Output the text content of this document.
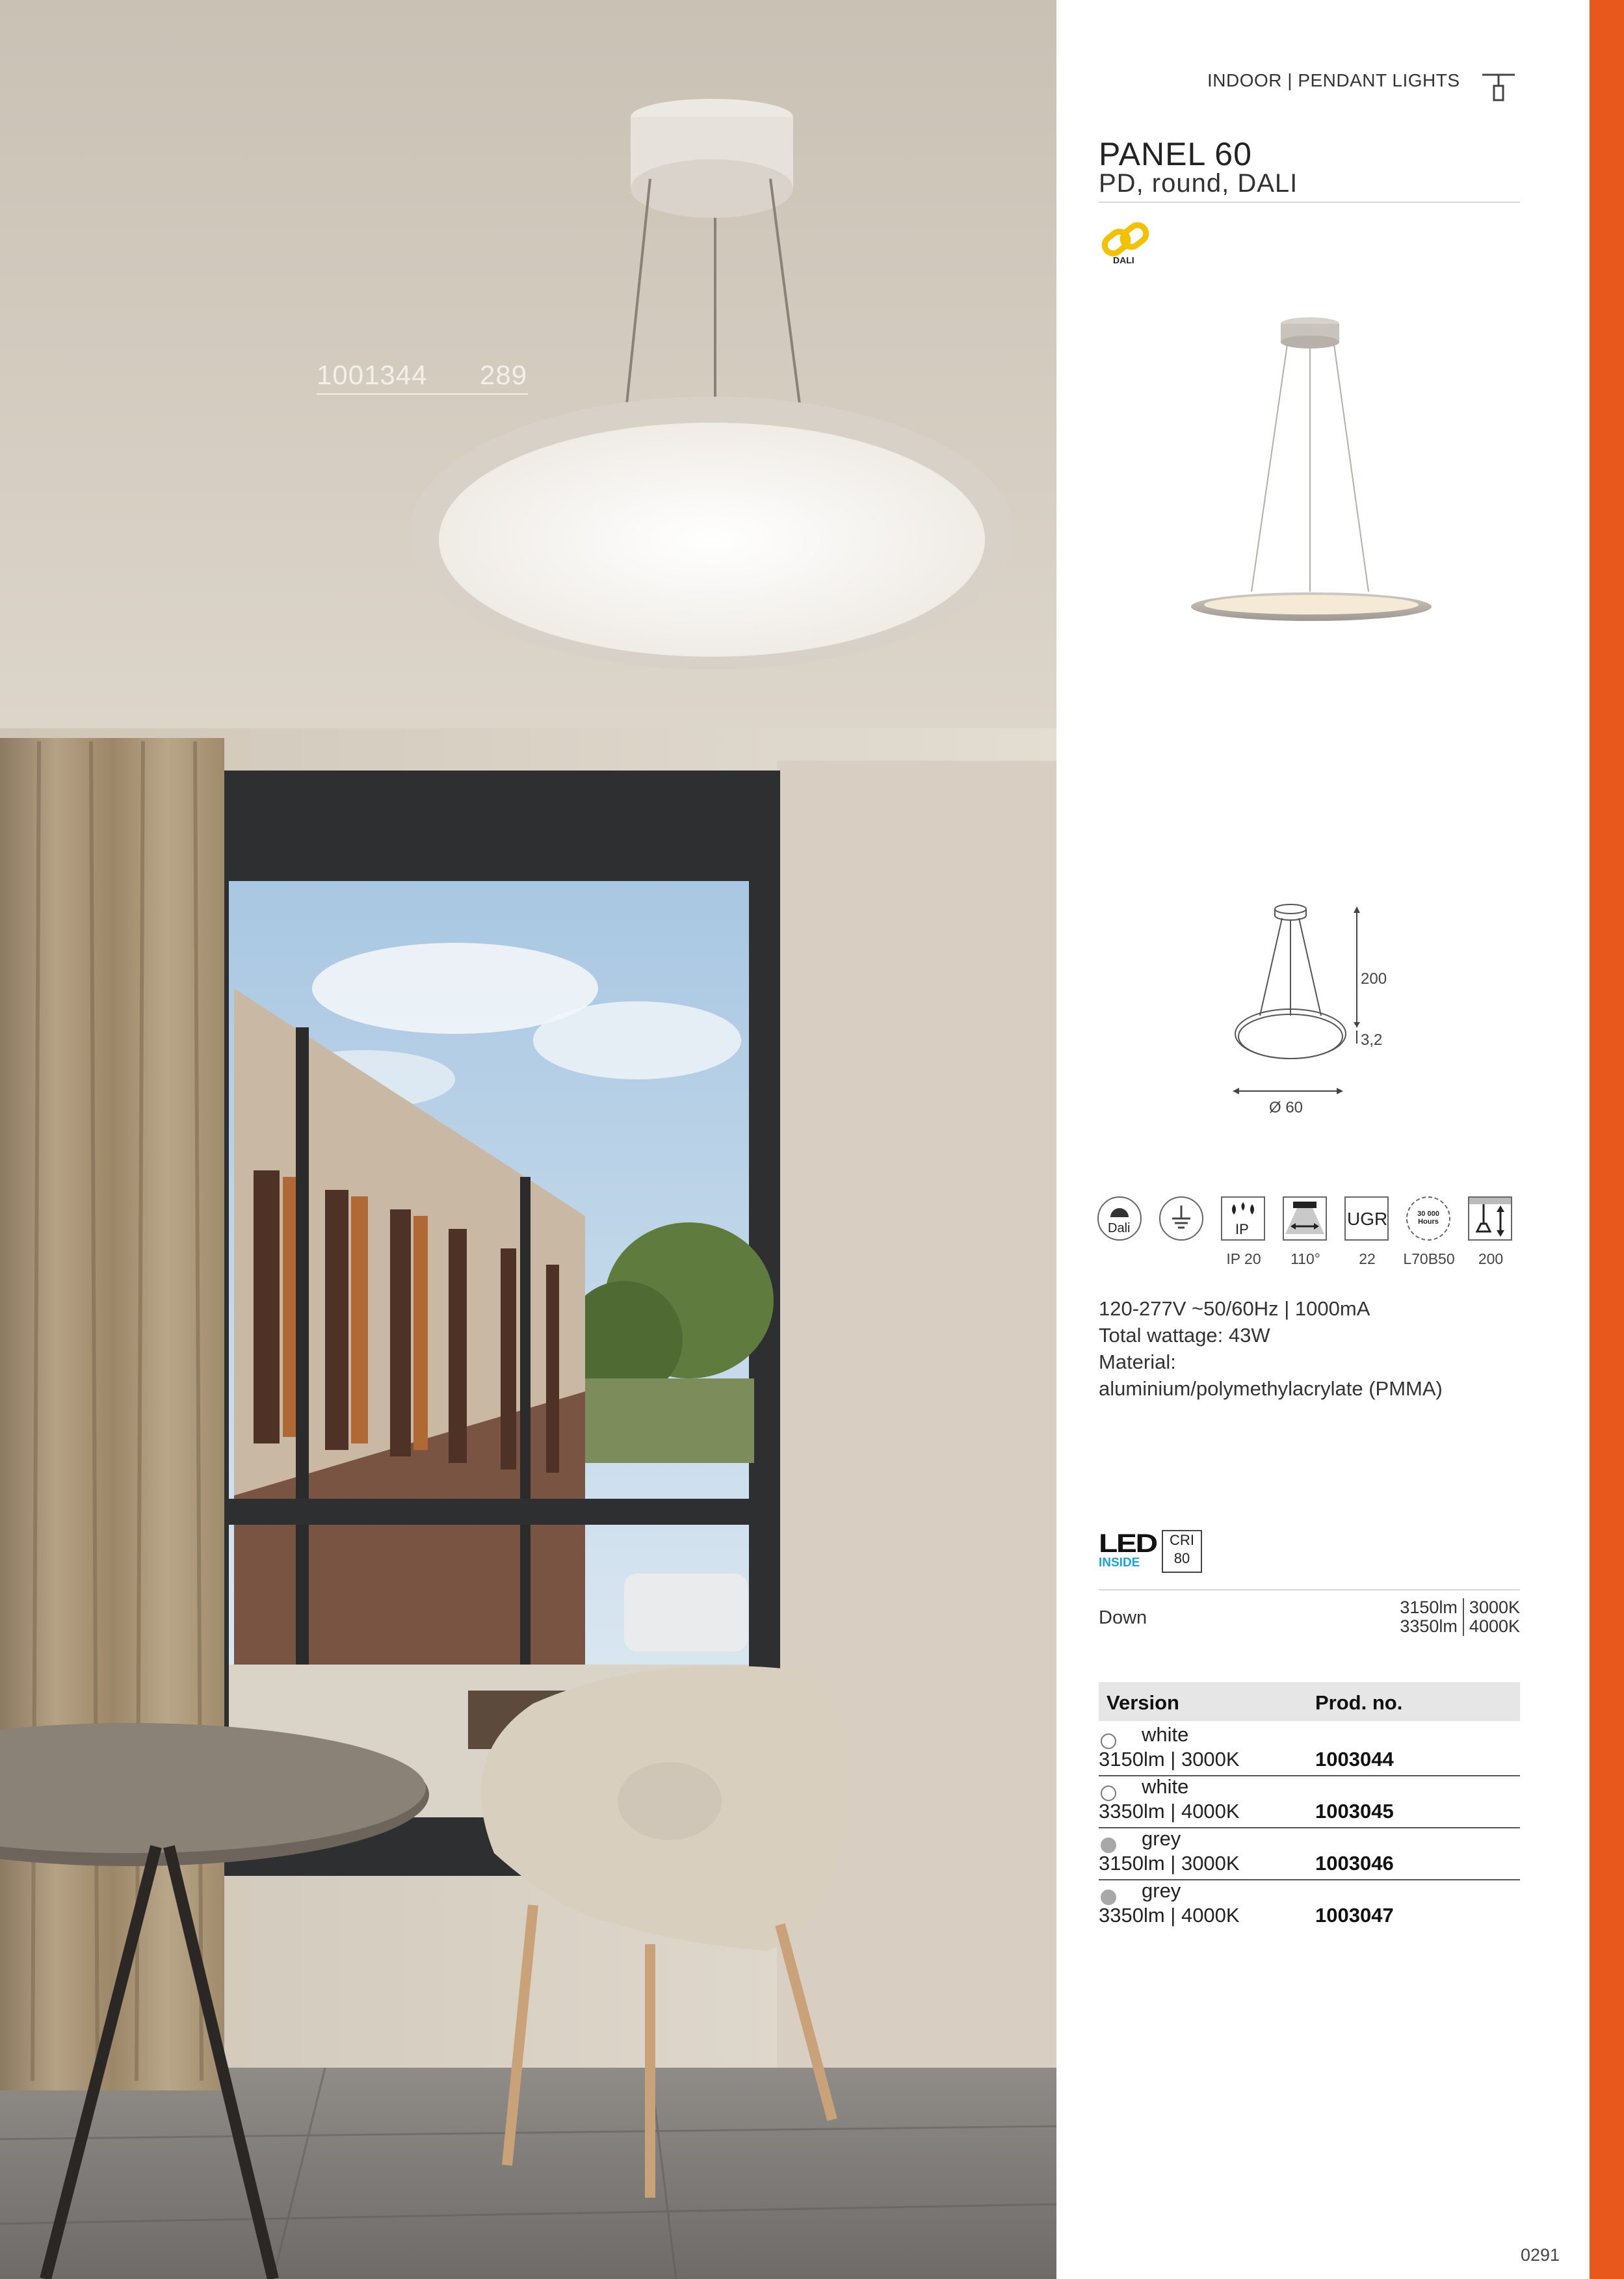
1001344 289
INDOOR | PENDANT LIGHTS
PANEL 60
PD, round, DALI
DALI
200
3,2
Ø 60
Dali	IP
UGR	30 000 Hours
IP 20	110°	22	L70B50	200
120-277V ~50/60Hz | 1000mA
Total wattage: 43W
Material:
aluminium/polymethylacrylate (PMMA)
LED
INSIDE
CRI
80
Down	3150lm 3000K
3350lm 4000K
Version	Prod. no.
white
3150lm | 3000K	1003044
white
3350lm | 4000K	1003045
grey
3150lm | 3000K	1003046
grey
3350lm | 4000K	1003047
0291
